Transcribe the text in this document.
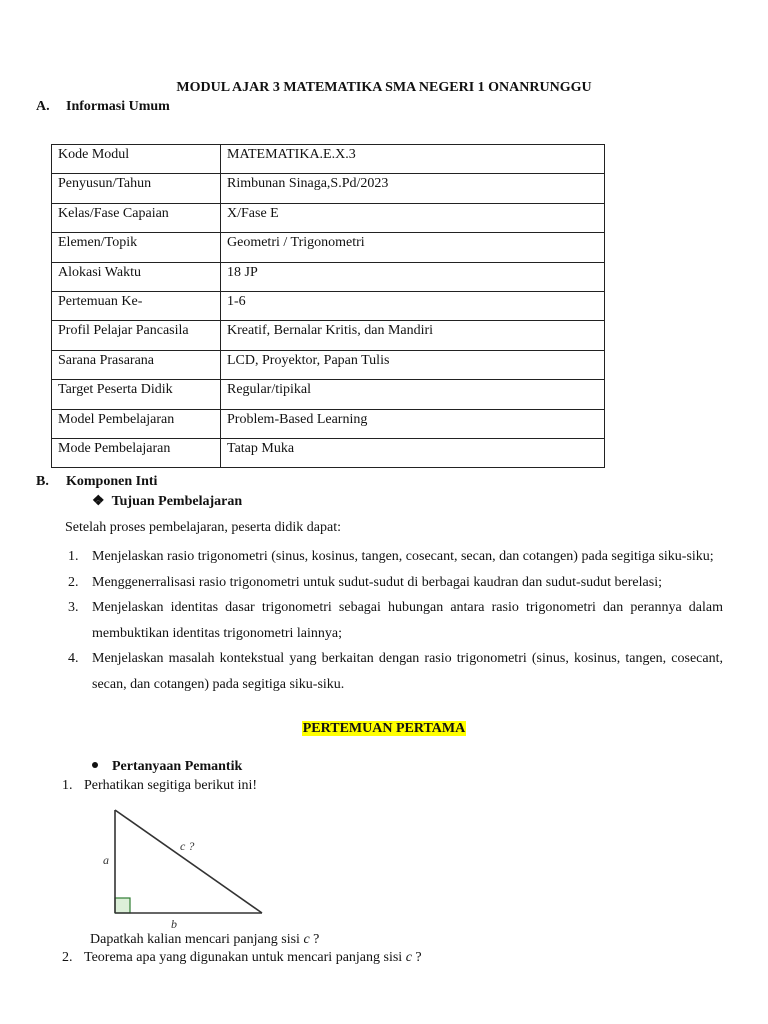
MODUL AJAR 3 MATEMATIKA SMA NEGERI 1 ONANRUNGGU
A. Informasi Umum
Kode Modul	MATEMATIKA.E.X.3
Penyusun/Tahun	Rimbunan Sinaga,S.Pd/2023
Kelas/Fase Capaian	X/Fase E
Elemen/Topik	Geometri / Trigonometri
Alokasi Waktu	18 JP
Pertemuan Ke-	1-6
Profil Pelajar Pancasila	Kreatif, Bernalar Kritis, dan Mandiri
Sarana Prasarana	LCD, Proyektor, Papan Tulis
Target Peserta Didik	Regular/tipikal
Model Pembelajaran	Problem-Based Learning
Mode Pembelajaran	Tatap Muka
B. Komponen Inti
❖ Tujuan Pembelajaran
Setelah proses pembelajaran, peserta didik dapat:
1. Menjelaskan rasio trigonometri (sinus, kosinus, tangen, cosecant, secan, dan cotangen) pada segitiga siku-siku;
2. Menggenerralisasi rasio trigonometri untuk sudut-sudut di berbagai kaudran dan sudut-sudut berelasi;
3. Menjelaskan identitas dasar trigonometri sebagai hubungan antara rasio trigonometri dan perannya dalam membuktikan identitas trigonometri lainnya;
4. Menjelaskan masalah kontekstual yang berkaitan dengan rasio trigonometri (sinus, kosinus, tangen, cosecant, secan, dan cotangen) pada segitiga siku-siku.
PERTEMUAN PERTAMA
Pertanyaan Pemantik
1. Perhatikan segitiga berikut ini!
a
b
c ?
Dapatkah kalian mencari panjang sisi c ?
2. Teorema apa yang digunakan untuk mencari panjang sisi c ?
